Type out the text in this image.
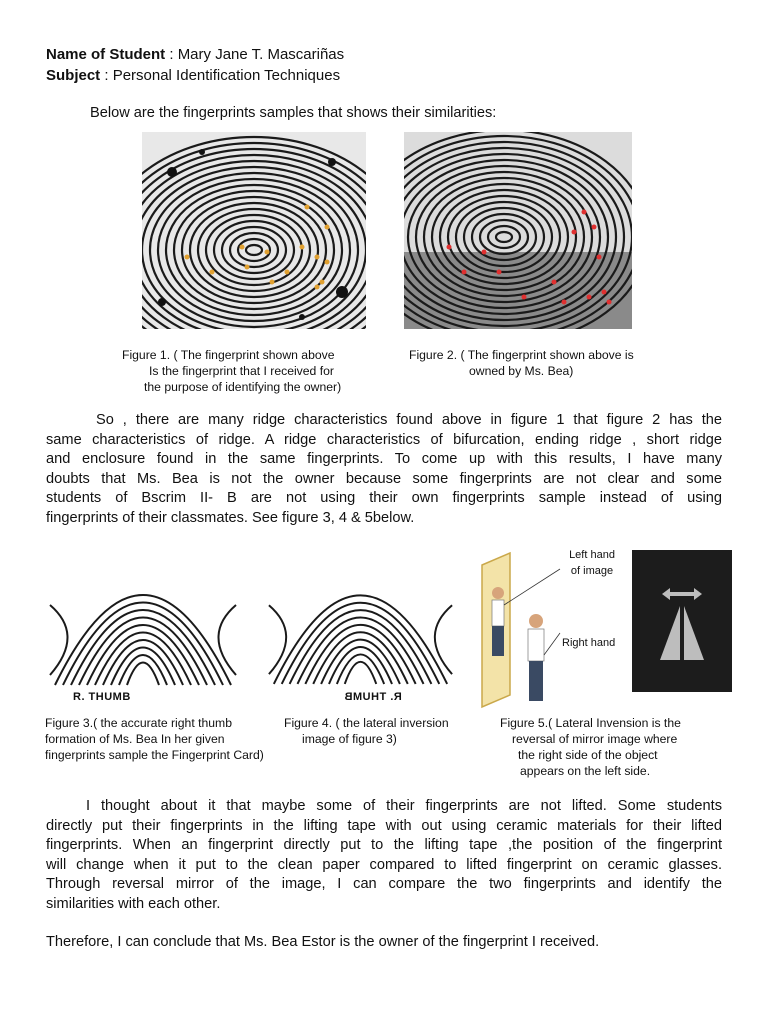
Name of Student : Mary Jane T. Mascariñas
Subject : Personal Identification Techniques
Below are the fingerprints samples that shows their similarities:
Figure 1. ( The fingerprint shown above
Is the fingerprint that I received for
the purpose of identifying the owner)
Figure 2. ( The fingerprint shown above is
owned by Ms. Bea)
So , there are many ridge characteristics found above in figure 1 that figure 2 has the
same characteristics of ridge. A ridge characteristics of bifurcation, ending ridge , short ridge
and enclosure found in the same fingerprints. To come up with this results, I have many
doubts that Ms. Bea is not the owner because some fingerprints are not clear and some
students of Bscrim II- B are not using their own fingerprints sample instead of using
fingerprints of their classmates. See figure 3, 4 & 5below.
R. THUMB	R. THUMB
Left hand
of image
Right hand
Figure 3.( the accurate right thumb
formation of Ms. Bea In her given
fingerprints sample the Fingerprint Card)
Figure 4. ( the lateral inversion
image of figure 3)
Figure 5.( Lateral Invension is the
reversal of mirror image where
the right side of the object
appears on the left side.
I thought about it that maybe some of their fingerprints are not lifted. Some students
directly put their fingerprints in the lifting tape with out using ceramic materials for their lifted
fingerprints. When an fingerprint directly put to the lifting tape ,the position of the fingerprint
will change when it put to the clean paper compared to lifted fingerprint on ceramic glasses.
Through reversal mirror of the image, I can compare the two fingerprints and identify the
similarities with each other.
Therefore, I can conclude that Ms. Bea Estor is the owner of the fingerprint I received.
